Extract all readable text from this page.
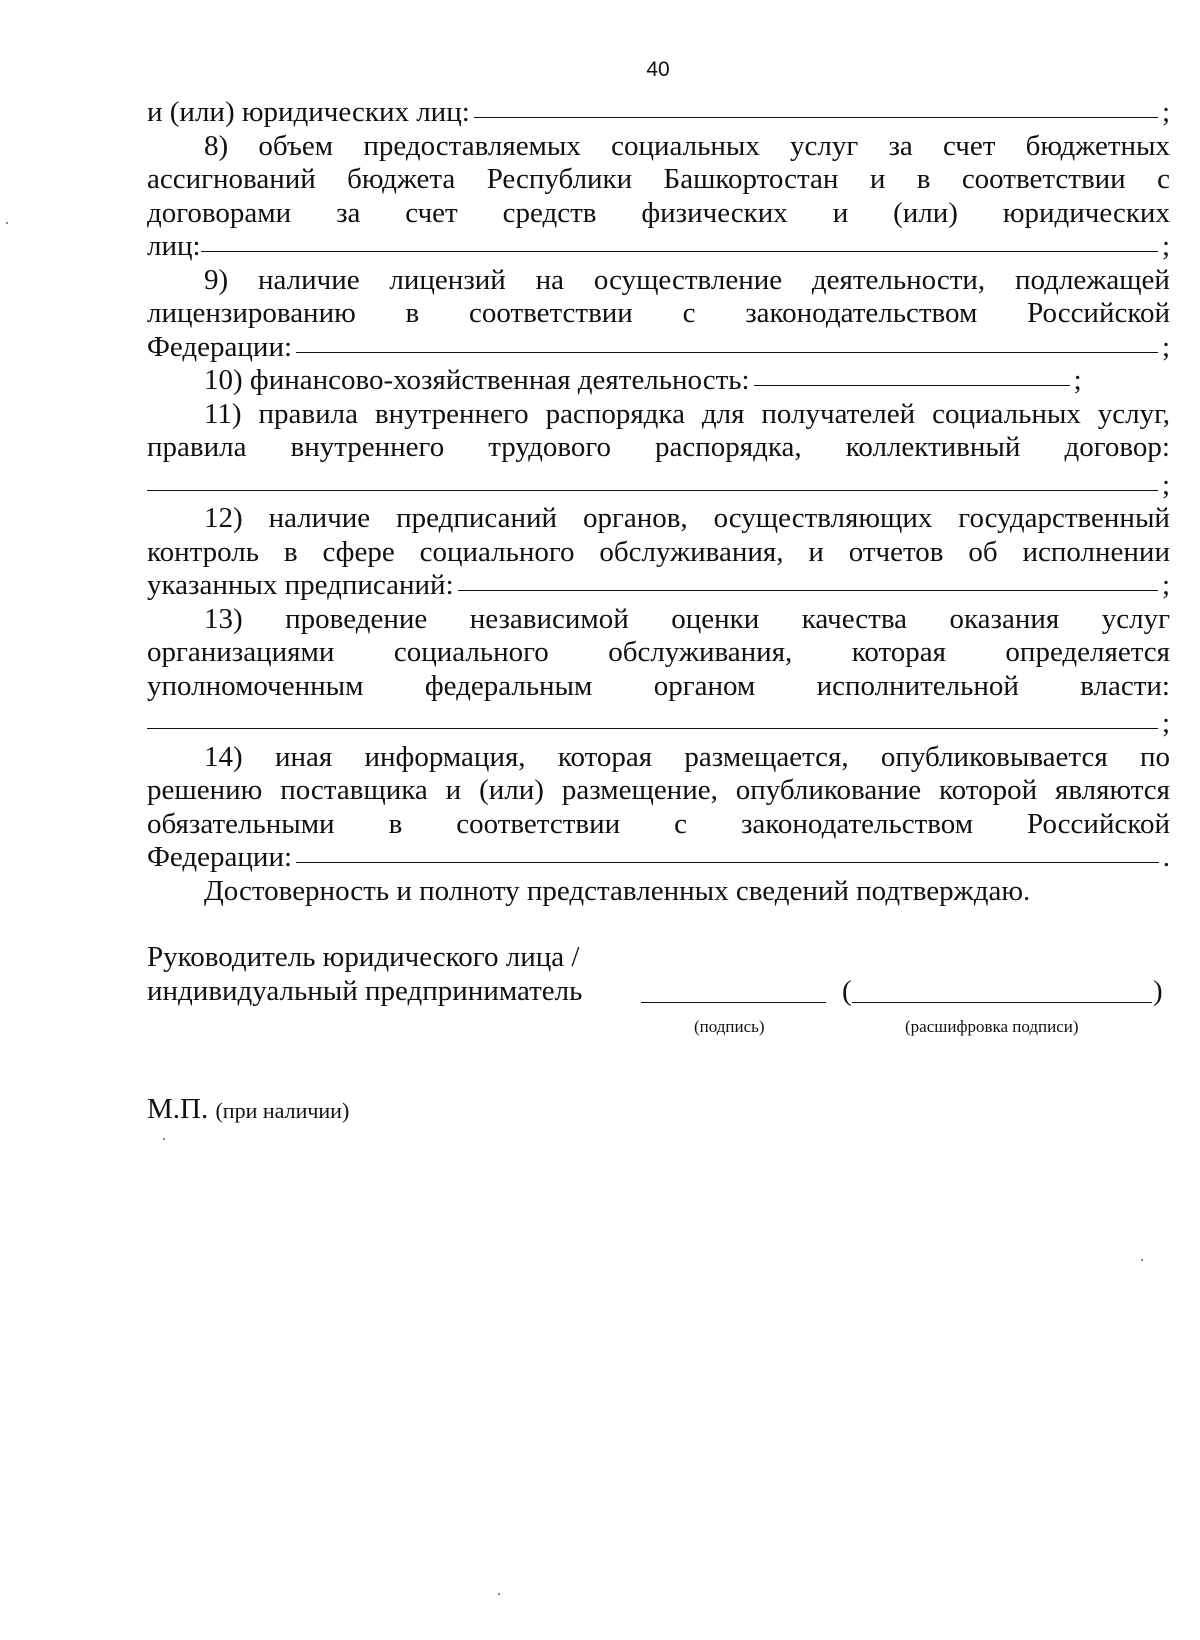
40
и (или) юридических лиц:	;
8) объем предоставляемых социальных услуг за счет бюджетных
ассигнований бюджета Республики Башкортостан и в соответствии с
договорами за счет средств физических и (или) юридических
лиц:	;
9) наличие лицензий на осуществление деятельности, подлежащей
лицензированию в соответствии с законодательством Российской
Федерации:	;
10) финансово-хозяйственная деятельность:	;
11) правила внутреннего распорядка для получателей социальных услуг,
правила внутреннего трудового распорядка, коллективный договор:
;
12) наличие предписаний органов, осуществляющих государственный
контроль в сфере социального обслуживания, и отчетов об исполнении
указанных предписаний:	;
13) проведение независимой оценки качества оказания услуг
организациями социального обслуживания, которая определяется
уполномоченным федеральным органом исполнительной власти:
;
14) иная информация, которая размещается, опубликовывается по
решению поставщика и (или) размещение, опубликование которой являются
обязательными в соответствии с законодательством Российской
Федерации:	.
Достоверность и полноту представленных сведений подтверждаю.
Руководитель юридического лица /
индивидуальный предприниматель	(	)
(подпись)	(расшифровка подписи)
М.П. (при наличии)
